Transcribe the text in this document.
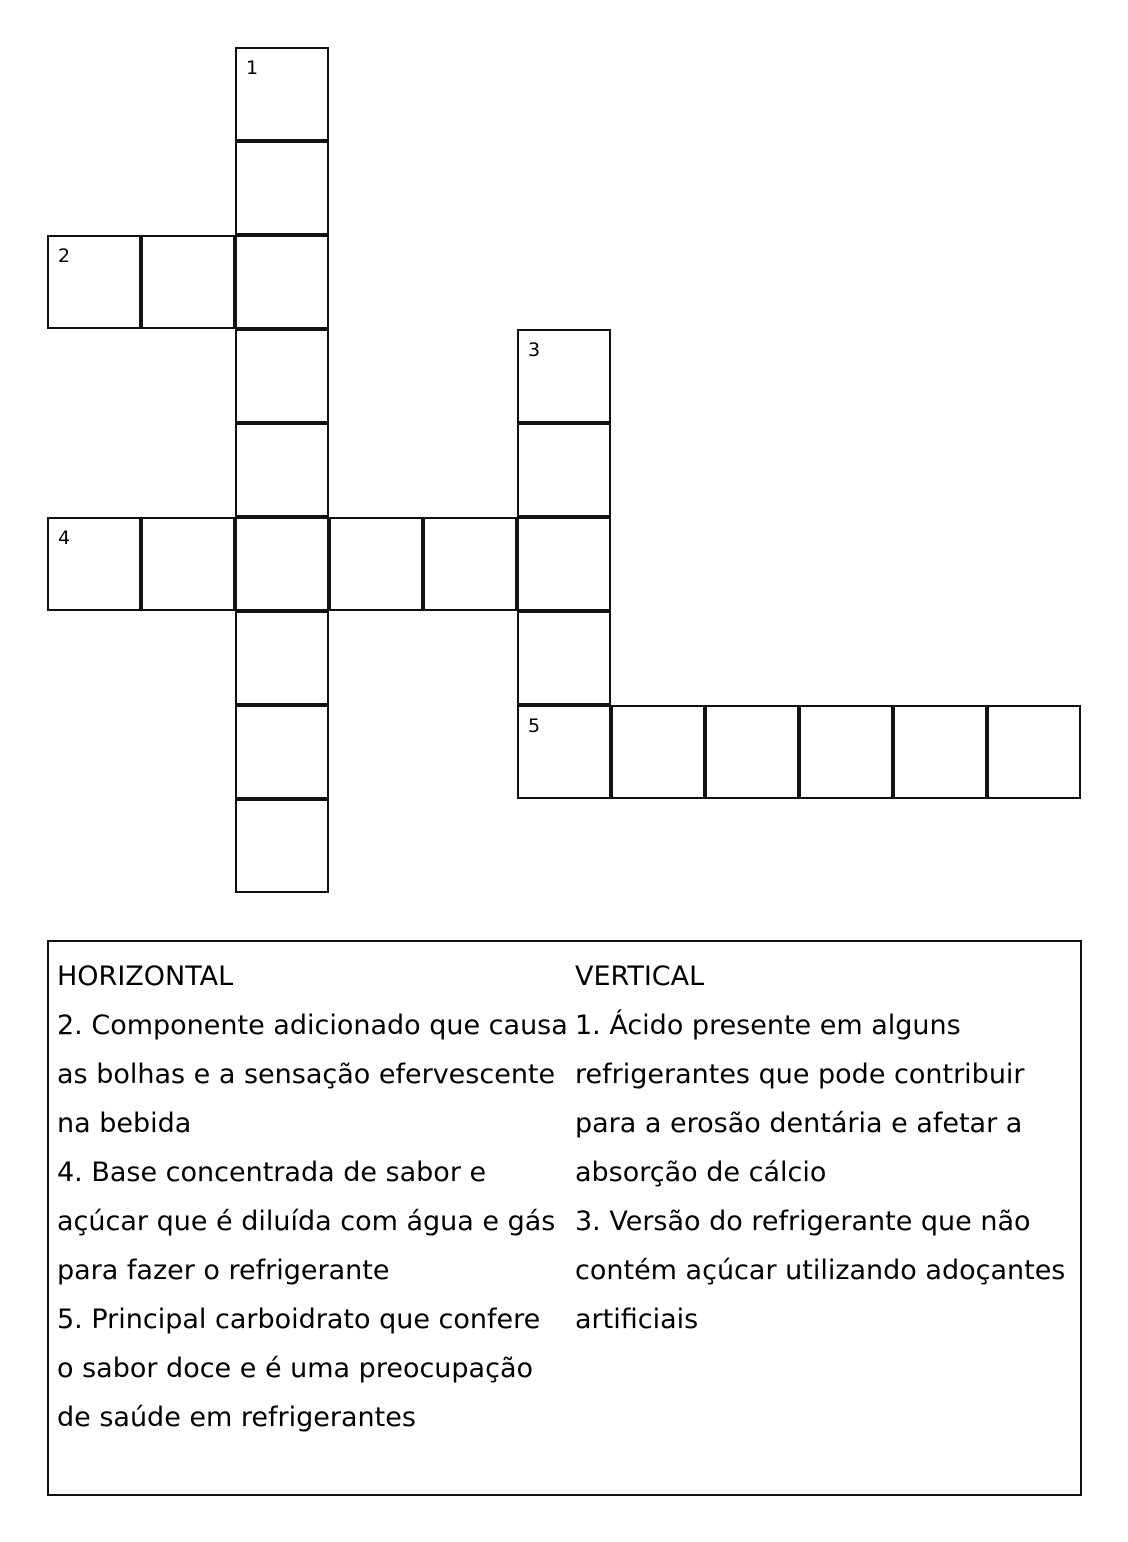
1
2
3
4
5
HORIZONTAL
2. Componente adicionado que causa
as bolhas e a sensação efervescente
na bebida
4. Base concentrada de sabor e
açúcar que é diluída com água e gás
para fazer o refrigerante
5. Principal carboidrato que confere
o sabor doce e é uma preocupação
de saúde em refrigerantes
VERTICAL
1. Ácido presente em alguns
refrigerantes que pode contribuir
para a erosão dentária e afetar a
absorção de cálcio
3. Versão do refrigerante que não
contém açúcar utilizando adoçantes
artificiais
